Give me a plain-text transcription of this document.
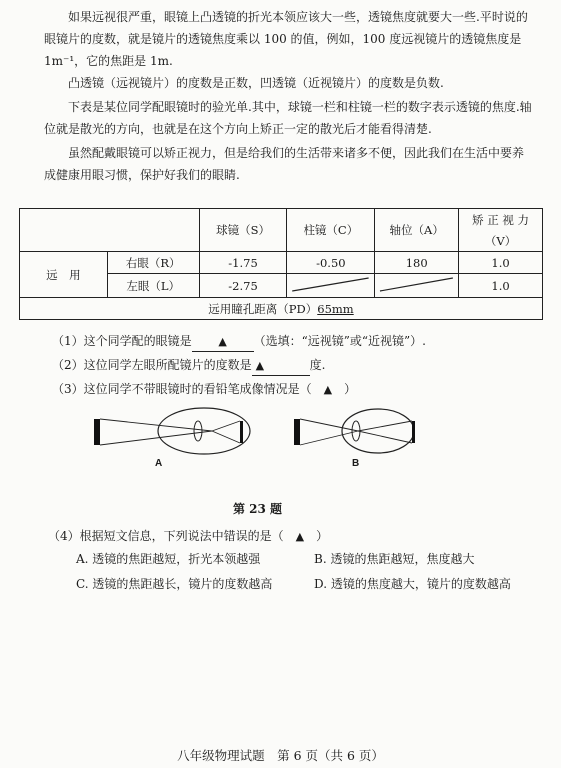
如果远视很严重，眼镜上凸透镜的折光本领应该大一些，透镜焦度就要大一些.平时说的眼镜片的度数，就是镜片的透镜焦度乘以 100 的值，例如，100 度远视镜片的透镜焦度是 1m⁻¹，它的焦距是 1m.

凸透镜（远视镜片）的度数是正数，凹透镜（近视镜片）的度数是负数.

下表是某位同学配眼镜时的验光单.其中，球镜一栏和柱镜一栏的数字表示透镜的焦度.轴位就是散光的方向，也就是在这个方向上矫正一定的散光后才能看得清楚.

虽然配戴眼镜可以矫正视力，但是给我们的生活带来诸多不便，因此我们在生活中要养成健康用眼习惯，保护好我们的眼睛.

		球镜（S）	柱镜（C）	轴位（A）	矫 正 视 力
					（V）
远　用	右眼（R）	-1.75	-0.50	180	1.0
	左眼（L）	-2.75			1.0
远用瞳孔距离（PD）65mm					

（1）这个同学配的眼镜是 ▲ （选填：“远视镜”或“近视镜”）.

（2）这位同学左眼所配镜片的度数是 ▲	度.

（3）这位同学不带眼镜时的看铅笔成像情况是（　▲　）

A	B
第 23 题

（4）根据短文信息，下列说法中错误的是（　▲　）

A. 透镜的焦距越短，折光本领越强	B. 透镜的焦距越短，焦度越大
C. 透镜的焦距越长，镜片的度数越高	D. 透镜的焦度越大，镜片的度数越高
八年级物理试题　第 6 页（共 6 页）
